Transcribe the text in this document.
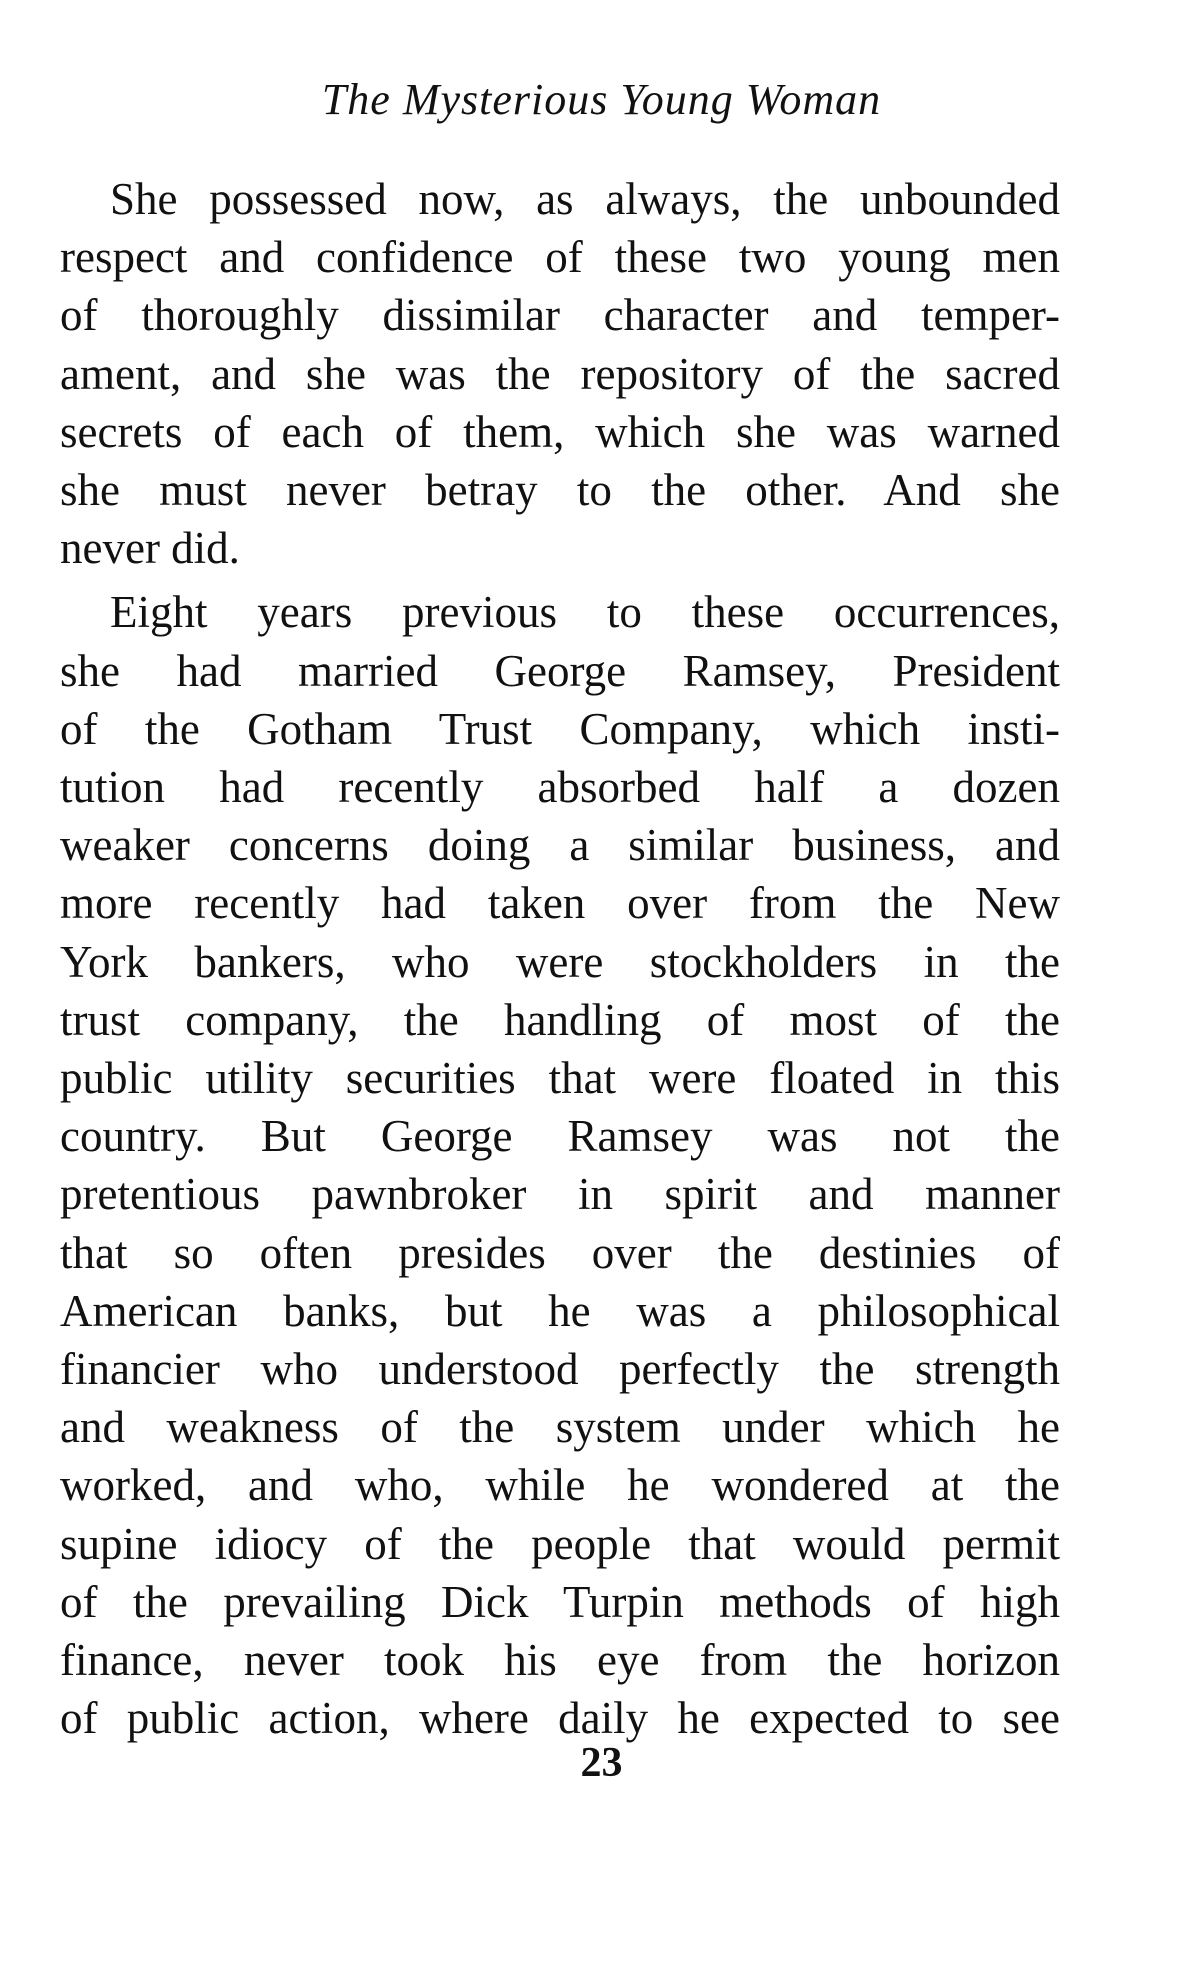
The Mysterious Young Woman

She possessed now, as always, the unbounded
respect and confidence of these two young men
of thoroughly dissimilar character and temper-
ament, and she was the repository of the sacred
secrets of each of them, which she was warned
she must never betray to the other. And she
never did.

Eight years previous to these occurrences,
she had married George Ramsey, President
of the Gotham Trust Company, which insti-
tution had recently absorbed half a dozen
weaker concerns doing a similar business, and
more recently had taken over from the New
York bankers, who were stockholders in the
trust company, the handling of most of the
public utility securities that were floated in this
country. But George Ramsey was not the
pretentious pawnbroker in spirit and manner
that so often presides over the destinies of
American banks, but he was a philosophical
financier who understood perfectly the strength
and weakness of the system under which he
worked, and who, while he wondered at the
supine idiocy of the people that would permit
of the prevailing Dick Turpin methods of high
finance, never took his eye from the horizon
of public action, where daily he expected to see

23
